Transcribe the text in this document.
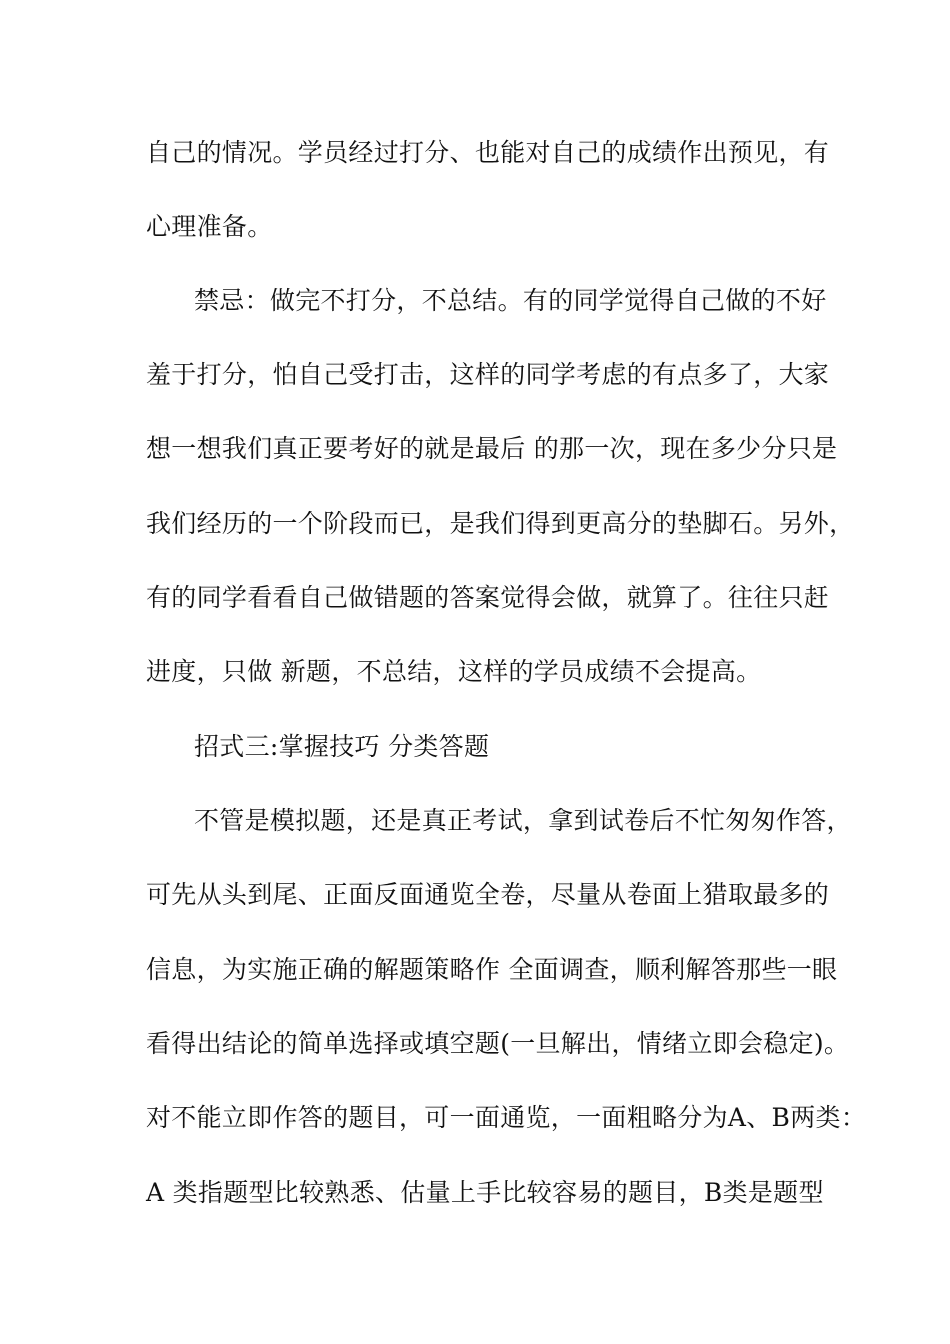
自己的情况。学员经过打分、也能对自己的成绩作出预见，有
心理准备。
禁忌：做完不打分，不总结。有的同学觉得自己做的不好
羞于打分，怕自己受打击，这样的同学考虑的有点多了，大家
想一想我们真正要考好的就是最后 的那一次，现在多少分只是
我们经历的一个阶段而已，是我们得到更高分的垫脚石。另外，
有的同学看看自己做错题的答案觉得会做，就算了。往往只赶
进度，只做 新题，不总结，这样的学员成绩不会提高。
招式三:掌握技巧 分类答题
不管是模拟题，还是真正考试，拿到试卷后不忙匆匆作答，
可先从头到尾、正面反面通览全卷，尽量从卷面上猎取最多的
信息，为实施正确的解题策略作 全面调查，顺利解答那些一眼
看得出结论的简单选择或填空题(一旦解出，情绪立即会稳定)。
对不能立即作答的题目，可一面通览，一面粗略分为A、B两类：
A 类指题型比较熟悉、估量上手比较容易的题目，B类是题型
